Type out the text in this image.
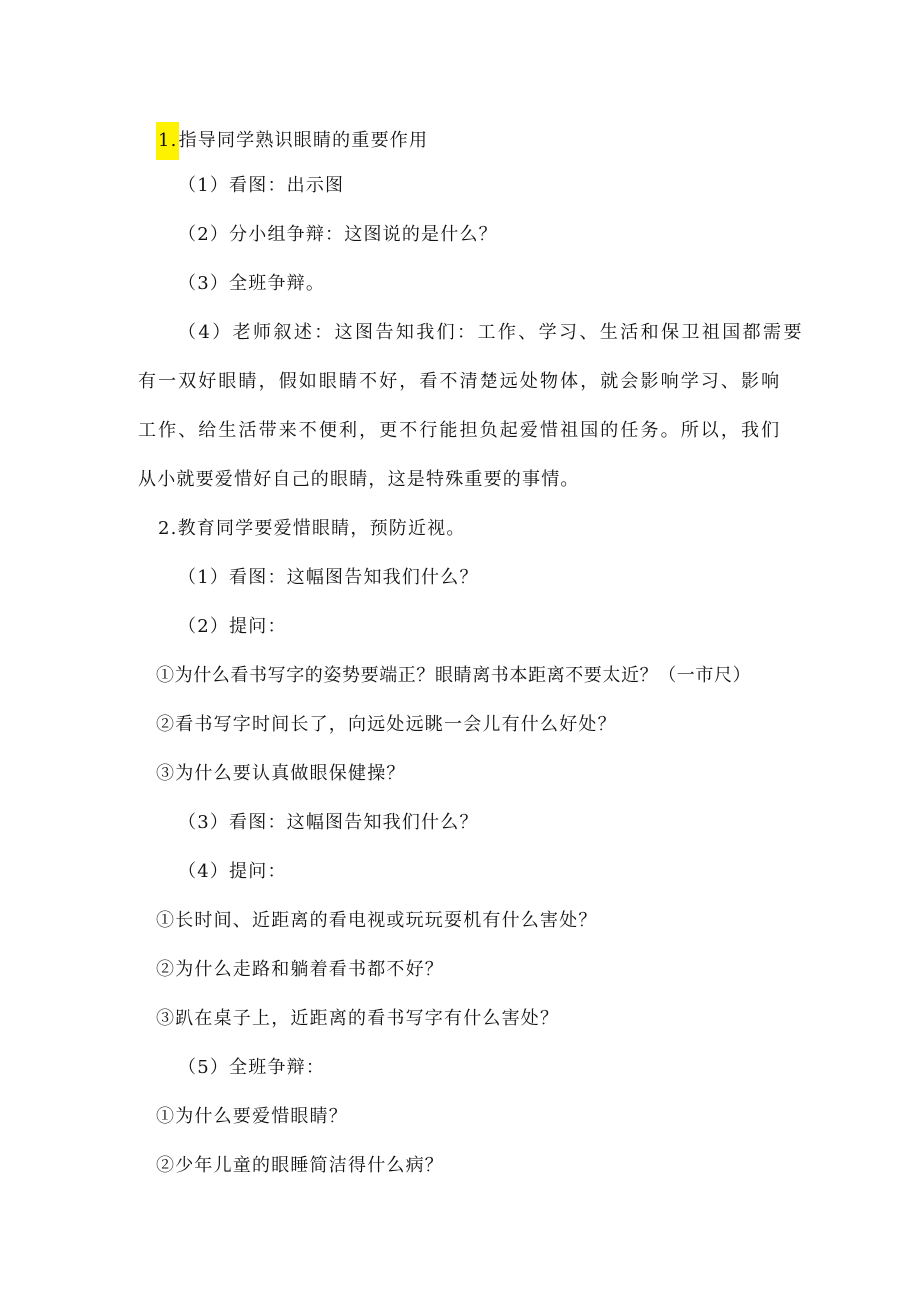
1.指导同学熟识眼睛的重要作用
（1）看图：出示图
（2）分小组争辩：这图说的是什么？
（3）全班争辩。
（4）老师叙述：这图告知我们：工作、学习、生活和保卫祖国都需要
有一双好眼睛，假如眼睛不好，看不清楚远处物体，就会影响学习、影响
工作、给生活带来不便利，更不行能担负起爱惜祖国的任务。所以，我们
从小就要爱惜好自己的眼睛，这是特殊重要的事情。
2.教育同学要爱惜眼睛，预防近视。
（1）看图：这幅图告知我们什么？
（2）提问：
①为什么看书写字的姿势要端正？眼睛离书本距离不要太近？（一市尺）
②看书写字时间长了，向远处远眺一会儿有什么好处？
③为什么要认真做眼保健操？
（3）看图：这幅图告知我们什么？
（4）提问：
①长时间、近距离的看电视或玩玩耍机有什么害处？
②为什么走路和躺着看书都不好？
③趴在桌子上，近距离的看书写字有什么害处？
（5）全班争辩：
①为什么要爱惜眼睛？
②少年儿童的眼睡简洁得什么病？
